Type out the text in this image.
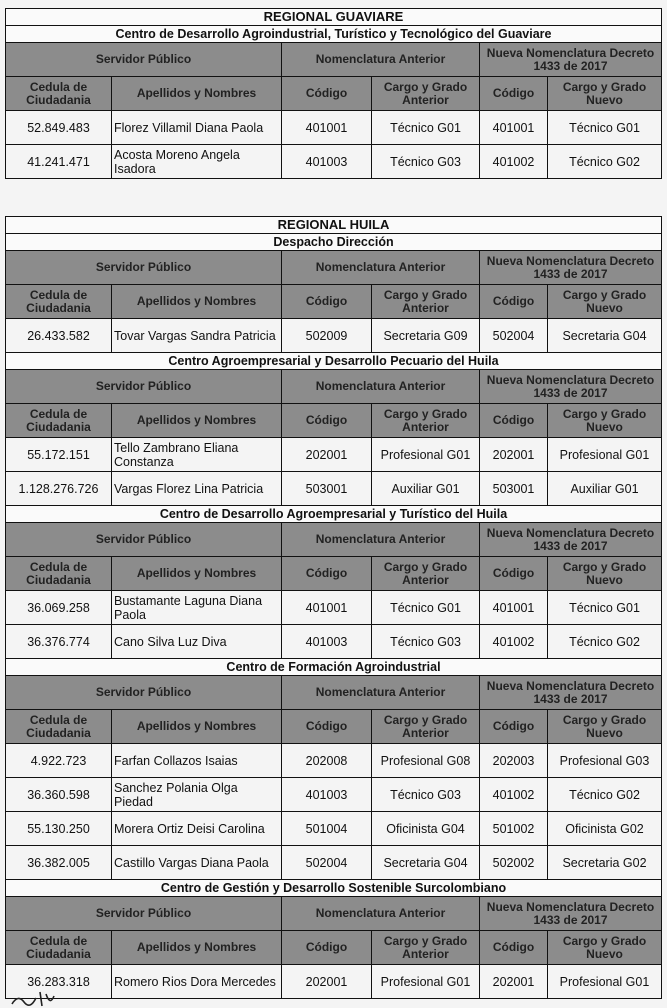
REGIONAL GUAVIARE					
Centro de Desarrollo Agroindustrial, Turístico y Tecnológico del Guaviare					
Servidor Público		Nomenclatura Anterior		Nueva Nomenclatura Decreto 1433 de 2017	
Cedula de Ciudadania	Apellidos y Nombres	Código	Cargo y Grado Anterior	Código	Cargo y Grado Nuevo
52.849.483	Florez Villamil Diana Paola	401001	Técnico G01	401001	Técnico G01
41.241.471	Acosta Moreno Angela Isadora	401003	Técnico G03	401002	Técnico G02
REGIONAL HUILA					
Despacho Dirección					
Servidor Público		Nomenclatura Anterior		Nueva Nomenclatura Decreto 1433 de 2017	
Cedula de Ciudadania	Apellidos y Nombres	Código	Cargo y Grado Anterior	Código	Cargo y Grado Nuevo
26.433.582	Tovar Vargas Sandra Patricia	502009	Secretaria G09	502004	Secretaria G04
Centro Agroempresarial y Desarrollo Pecuario del Huila					
Servidor Público		Nomenclatura Anterior		Nueva Nomenclatura Decreto 1433 de 2017	
Cedula de Ciudadania	Apellidos y Nombres	Código	Cargo y Grado Anterior	Código	Cargo y Grado Nuevo
55.172.151	Tello Zambrano Eliana Constanza	202001	Profesional G01	202001	Profesional G01
1.128.276.726	Vargas Florez Lina Patricia	503001	Auxiliar G01	503001	Auxiliar G01
Centro de Desarrollo Agroempresarial y Turístico del Huila					
Servidor Público		Nomenclatura Anterior		Nueva Nomenclatura Decreto 1433 de 2017	
Cedula de Ciudadania	Apellidos y Nombres	Código	Cargo y Grado Anterior	Código	Cargo y Grado Nuevo
36.069.258	Bustamante Laguna Diana Paola	401001	Técnico G01	401001	Técnico G01
36.376.774	Cano Silva Luz Diva	401003	Técnico G03	401002	Técnico G02
Centro de Formación Agroindustrial					
Servidor Público		Nomenclatura Anterior		Nueva Nomenclatura Decreto 1433 de 2017	
Cedula de Ciudadania	Apellidos y Nombres	Código	Cargo y Grado Anterior	Código	Cargo y Grado Nuevo
4.922.723	Farfan Collazos Isaias	202008	Profesional G08	202003	Profesional G03
36.360.598	Sanchez Polania Olga Piedad	401003	Técnico G03	401002	Técnico G02
55.130.250	Morera Ortiz Deisi Carolina	501004	Oficinista G04	501002	Oficinista G02
36.382.005	Castillo Vargas Diana Paola	502004	Secretaria G04	502002	Secretaria G02
Centro de Gestión y Desarrollo Sostenible Surcolombiano					
Servidor Público		Nomenclatura Anterior		Nueva Nomenclatura Decreto 1433 de 2017	
Cedula de Ciudadania	Apellidos y Nombres	Código	Cargo y Grado Anterior	Código	Cargo y Grado Nuevo
36.283.318	Romero Rios Dora Mercedes	202001	Profesional G01	202001	Profesional G01
